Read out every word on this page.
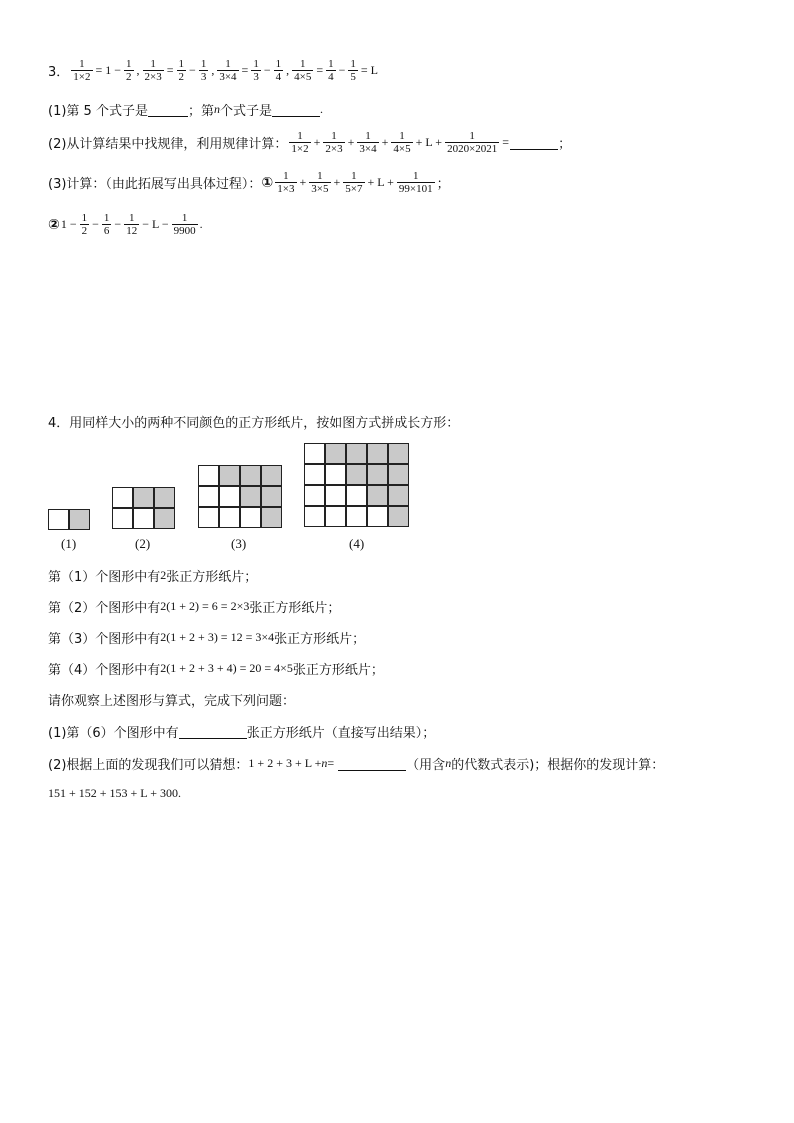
3． $\frac{1}{1\times 2} = 1 - \frac{1}{2}$ , $\frac{1}{2\times 3} = \frac{1}{2} - \frac{1}{3}$ , $\frac{1}{3\times 4} = \frac{1}{3} - \frac{1}{4}$ , $\frac{1}{4\times 5} = \frac{1}{4} - \frac{1}{5} = L$
(1)第 5 个式子是	；第 n 个式子是	.
(2)从计算结果中找规律，利用规律计算： $\frac{1}{1\times 2} + \frac{1}{2\times 3} + \frac{1}{3\times 4} + \frac{1}{4\times 5} + L + \frac{1}{2020\times 2021}$ =	；
(3)计算：（由此拓展写出具体过程）： ① $\frac{1}{1\times 3} + \frac{1}{3\times 5} + \frac{1}{5\times 7} + L + \frac{1}{99\times 101}$ ；
② $1 - \frac{1}{2} - \frac{1}{6} - \frac{1}{12} - L - \frac{1}{9900}$ .
4．用同样大小的两种不同颜色的正方形纸片，按如图方式拼成长方形：
(1)	(2)	(3)	(4)
第（1）个图形中有 2 张正方形纸片；
第（2）个图形中有 2(1 + 2) = 6 = 2×3 张正方形纸片；
第（3）个图形中有 2(1 + 2 + 3) = 12 = 3×4 张正方形纸片；
第（4）个图形中有 2(1 + 2 + 3 + 4) = 20 = 4×5 张正方形纸片；
请你观察上述图形与算式，完成下列问题：
(1)第（6）个图形中有	张正方形纸片（直接写出结果）；
(2)根据上面的发现我们可以猜想： 1 + 2 + 3 + L + n =	（用含 n 的代数式表示)；根据你的发现计算：
151 + 152 + 153 + L + 300 .
